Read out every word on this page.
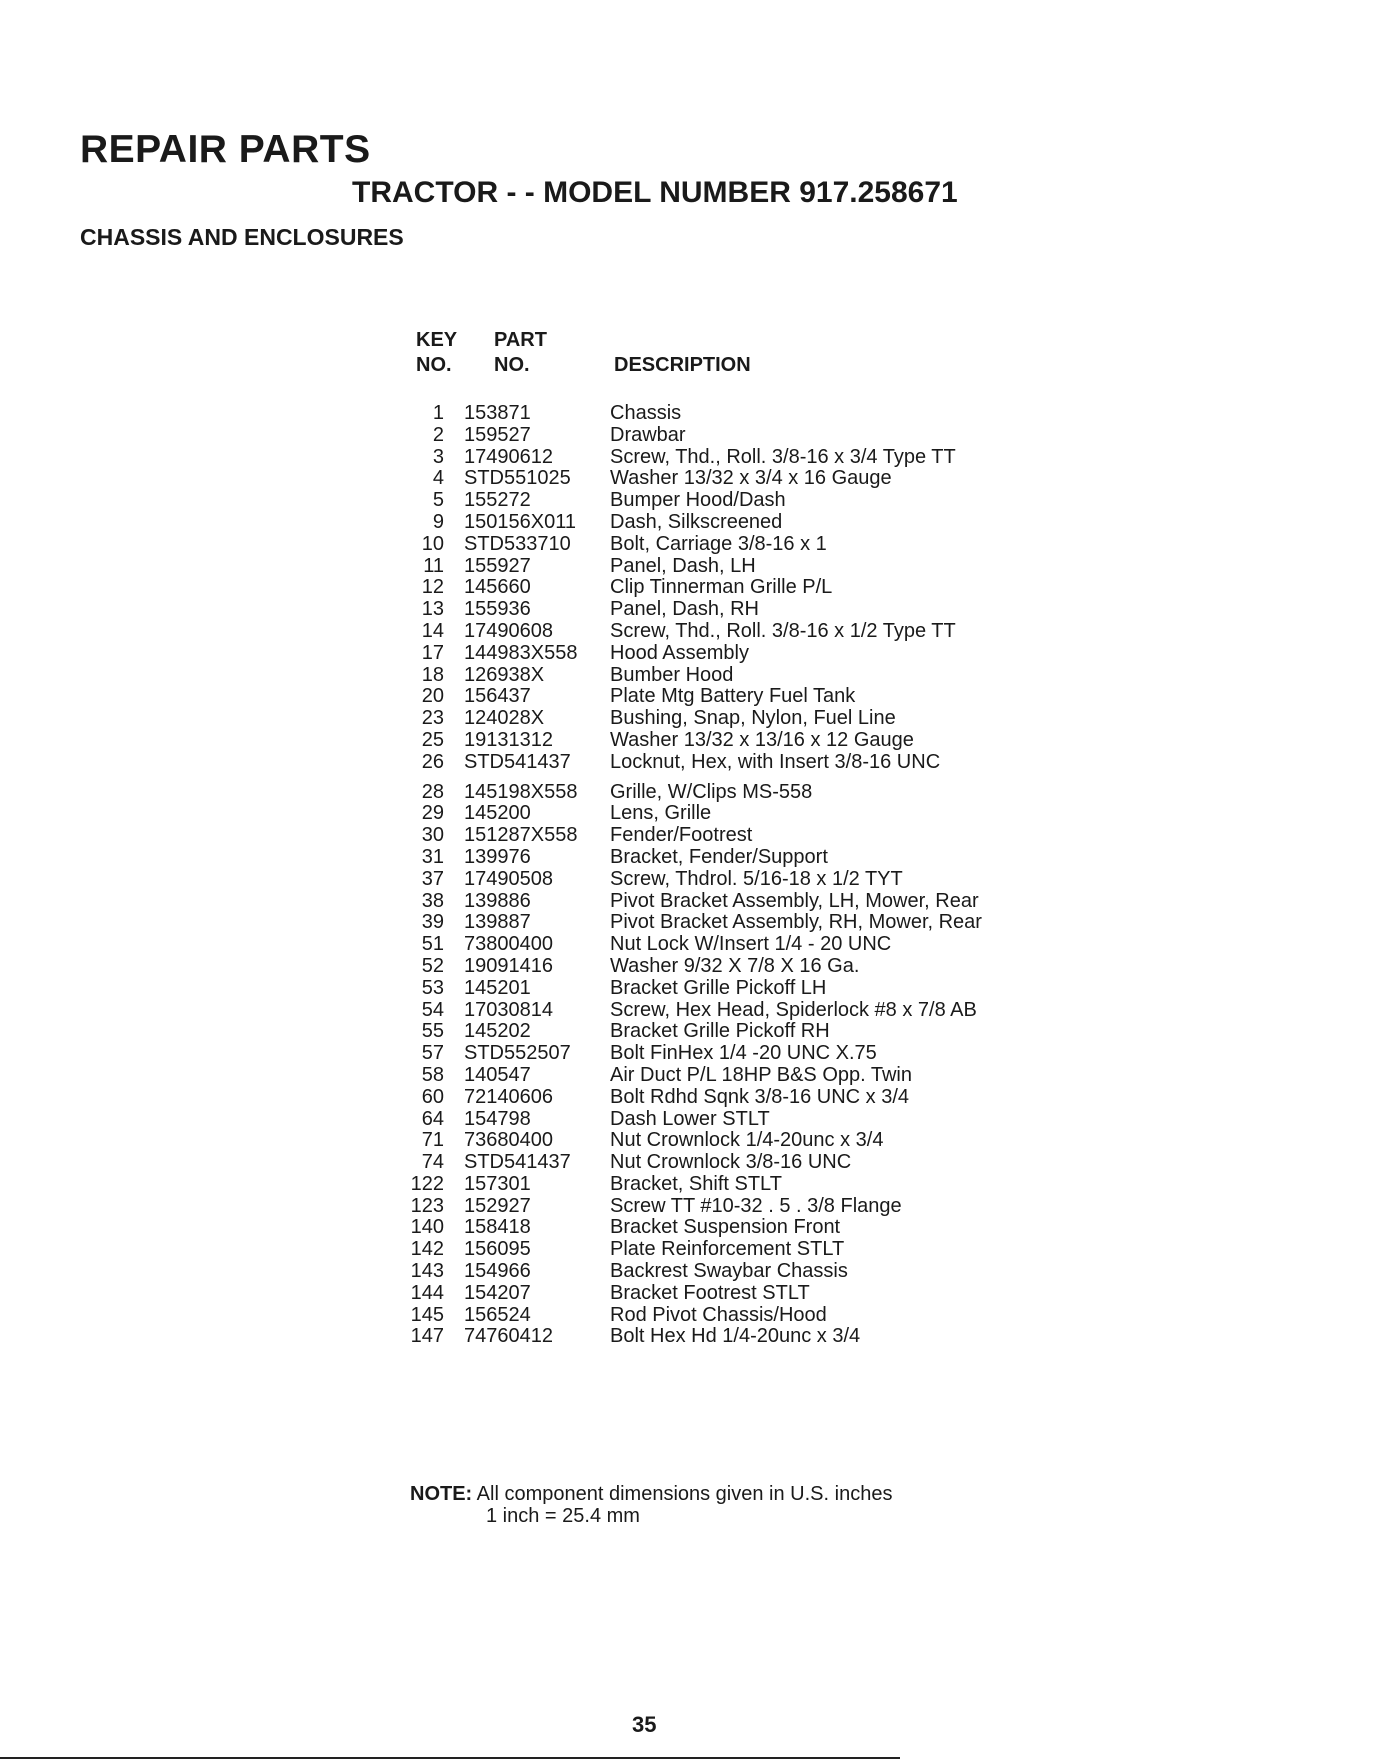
REPAIR PARTS
TRACTOR - - MODEL NUMBER 917.258671
CHASSIS AND ENCLOSURES
KEY
NO.
PART
NO.	DESCRIPTION
1	153871	Chassis
2	159527	Drawbar
3	17490612	Screw, Thd., Roll. 3/8-16 x 3/4 Type TT
4	STD551025	Washer 13/32 x 3/4 x 16 Gauge
5	155272	Bumper Hood/Dash
9	150156X011	Dash, Silkscreened
10	STD533710	Bolt, Carriage 3/8-16 x 1
11	155927	Panel, Dash, LH
12	145660	Clip Tinnerman Grille P/L
13	155936	Panel, Dash, RH
14	17490608	Screw, Thd., Roll. 3/8-16 x 1/2 Type TT
17	144983X558	Hood Assembly
18	126938X	Bumber Hood
20	156437	Plate Mtg Battery Fuel Tank
23	124028X	Bushing, Snap, Nylon, Fuel Line
25	19131312	Washer 13/32 x 13/16 x 12 Gauge
26	STD541437	Locknut, Hex, with Insert 3/8-16 UNC
28	145198X558	Grille, W/Clips MS-558
29	145200	Lens, Grille
30	151287X558	Fender/Footrest
31	139976	Bracket, Fender/Support
37	17490508	Screw, Thdrol. 5/16-18 x 1/2 TYT
38	139886	Pivot Bracket Assembly, LH, Mower, Rear
39	139887	Pivot Bracket Assembly, RH, Mower, Rear
51	73800400	Nut Lock W/Insert 1/4 - 20 UNC
52	19091416	Washer 9/32 X 7/8 X 16 Ga.
53	145201	Bracket Grille Pickoff LH
54	17030814	Screw, Hex Head, Spiderlock #8 x 7/8 AB
55	145202	Bracket Grille Pickoff RH
57	STD552507	Bolt FinHex 1/4 -20 UNC X.75
58	140547	Air Duct P/L 18HP B&S Opp. Twin
60	72140606	Bolt Rdhd Sqnk 3/8-16 UNC x 3/4
64	154798	Dash Lower STLT
71	73680400	Nut Crownlock 1/4-20unc x 3/4
74	STD541437	Nut Crownlock 3/8-16 UNC
122	157301	Bracket, Shift STLT
123	152927	Screw TT #10-32 . 5 . 3/8 Flange
140	158418	Bracket Suspension Front
142	156095	Plate Reinforcement STLT
143	154966	Backrest Swaybar Chassis
144	154207	Bracket Footrest STLT
145	156524	Rod Pivot Chassis/Hood
147	74760412	Bolt Hex Hd 1/4-20unc x 3/4
NOTE: All component dimensions given in U.S. inches
1 inch = 25.4 mm
35
